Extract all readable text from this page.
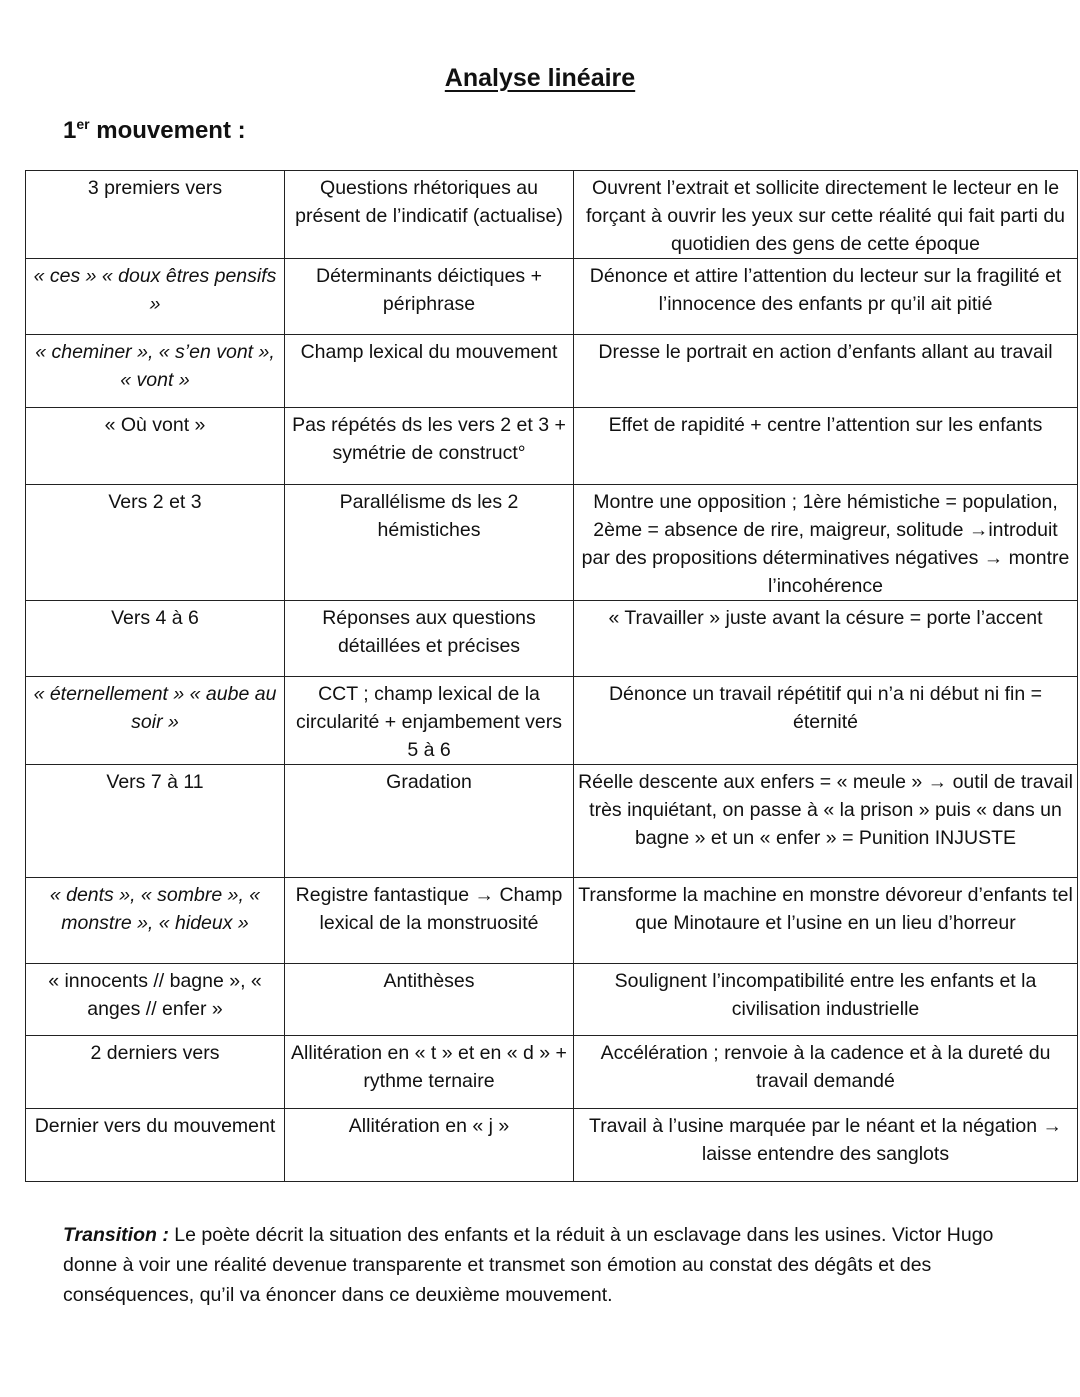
Analyse linéaire
1er mouvement :
3 premiers vers	Questions rhétoriques au présent de l’indicatif (actualise)	Ouvrent l’extrait et sollicite directement le lecteur en le forçant à ouvrir les yeux sur cette réalité qui fait parti du quotidien des gens de cette époque
« ces » « doux êtres pensifs »	Déterminants déictiques + périphrase	Dénonce et attire l’attention du lecteur sur la fragilité et l’innocence des enfants pr qu’il ait pitié
« cheminer », « s’en vont », « vont »	Champ lexical du mouvement	Dresse le portrait en action d’enfants allant au travail
« Où vont »	Pas répétés ds les vers 2 et 3 + symétrie de construct°	Effet de rapidité + centre l’attention sur les enfants
Vers 2 et 3	Parallélisme ds les 2 hémistiches	Montre une opposition ; 1ère hémistiche = population, 2ème = absence de rire, maigreur, solitude →introduit par des propositions déterminatives négatives → montre l’incohérence
Vers 4 à 6	Réponses aux questions détaillées et précises	« Travailler » juste avant la césure = porte l’accent
« éternellement » « aube au soir »	CCT ; champ lexical de la circularité + enjambement vers 5 à 6	Dénonce un travail répétitif qui n’a ni début ni fin = éternité
Vers 7 à 11	Gradation	Réelle descente aux enfers = « meule » → outil de travail très inquiétant, on passe à « la prison » puis « dans un bagne » et un « enfer » = Punition INJUSTE
« dents », « sombre », « monstre », « hideux »	Registre fantastique → Champ lexical de la monstruosité	Transforme la machine en monstre dévoreur d’enfants tel que Minotaure et l’usine en un lieu d’horreur
« innocents // bagne », « anges // enfer »	Antithèses	Soulignent l’incompatibilité entre les enfants et la civilisation industrielle
2 derniers vers	Allitération en « t » et en « d » + rythme ternaire	Accélération ; renvoie à la cadence et à la dureté du travail demandé
Dernier vers du mouvement	Allitération en « j »	Travail à l’usine marquée par le néant et la négation → laisse entendre des sanglots
Transition : Le poète décrit la situation des enfants et la réduit à un esclavage dans les usines. Victor Hugo donne à voir une réalité devenue transparente et transmet son émotion au constat des dégâts et des conséquences, qu’il va énoncer dans ce deuxième mouvement.
